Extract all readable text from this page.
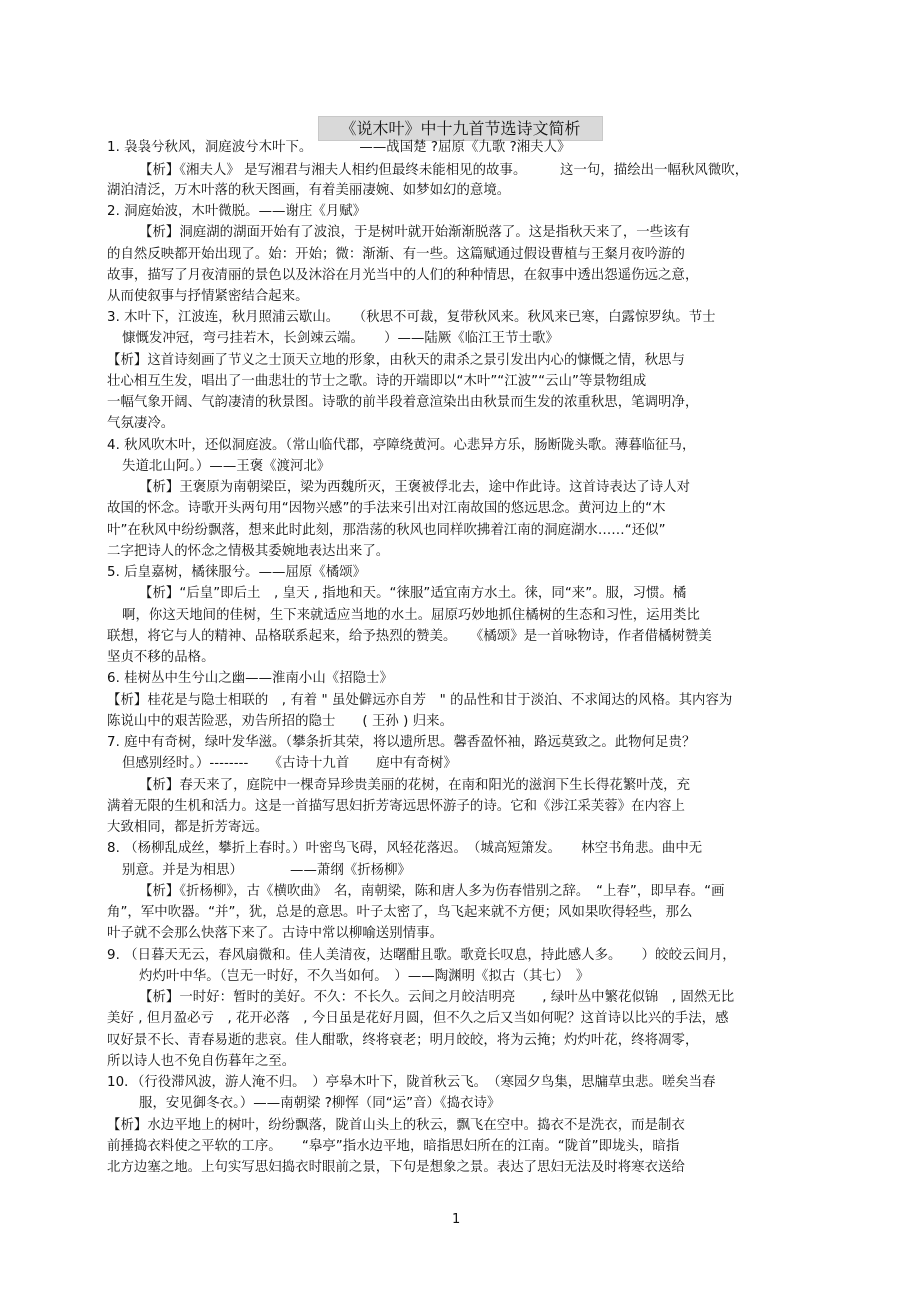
《说木叶》中十九首节选诗文简析
1. 袅袅兮秋风，洞庭波兮木叶下。　　　　——战国楚 ?屈原《九歌 ?湘夫人》
【析】《湘夫人》 是写湘君与湘夫人相约但最终未能相见的故事。　　　这一句，描绘出一幅秋风微吹，
湖泊清泛，万木叶落的秋天图画，有着美丽凄婉、如梦如幻的意境。
2. 洞庭始波，木叶微脱。——谢庄《月赋》
【析】洞庭湖的湖面开始有了波浪，于是树叶就开始渐渐脱落了。这是指秋天来了，一些该有
的自然反映都开始出现了。始：开始；微：渐渐、有一些。这篇赋通过假设曹植与王粲月夜吟游的
故事，描写了月夜清丽的景色以及沐浴在月光当中的人们的种种情思，在叙事中透出怨遥伤远之意，
从而使叙事与抒情紧密结合起来。
3. 木叶下，江波连，秋月照浦云歇山。　　（秋思不可裁，复带秋风来。秋风来已寒，白露惊罗纨。节士
慷慨发冲冠，弯弓挂若木，长剑竦云端。　　）——陆厥《临江王节士歌》
【析】这首诗刻画了节义之士顶天立地的形象，由秋天的肃杀之景引发出内心的慷慨之情，秋思与
壮心相互生发，唱出了一曲悲壮的节士之歌。诗的开端即以“木叶”“江波”“云山”等景物组成
一幅气象开阔、气韵凄清的秋景图。诗歌的前半段着意渲染出由秋景而生发的浓重秋思，笔调明净，
气氛凄冷。
4. 秋风吹木叶，还似洞庭波。（常山临代郡，亭障绕黄河。心悲异方乐，肠断陇头歌。薄暮临征马，
失道北山阿。）——王褒《渡河北》
【析】王褒原为南朝梁臣，梁为西魏所灭，王褒被俘北去，途中作此诗。这首诗表达了诗人对
故国的怀念。诗歌开头两句用“因物兴感”的手法来引出对江南故国的悠远思念。黄河边上的“木
叶”在秋风中纷纷飘落，想来此时此刻，那浩荡的秋风也同样吹拂着江南的洞庭湖水……“还似”
二字把诗人的怀念之情极其委婉地表达出来了。
5. 后皇嘉树，橘徕服兮。——屈原《橘颂》
【析】“后皇”即后土　, 皇天 , 指地和天。“徕服”适宜南方水土。徕，同“来”。服，习惯。橘
啊，你这天地间的佳树，生下来就适应当地的水土。屈原巧妙地抓住橘树的生态和习性，运用类比
联想，将它与人的精神、品格联系起来，给予热烈的赞美。　　《橘颂》是一首咏物诗，作者借橘树赞美
坚贞不移的品格。
6. 桂树丛中生兮山之幽——淮南小山《招隐士》
【析】桂花是与隐士相联的　, 有着 " 虽处僻远亦自芳　" 的品性和甘于淡泊、不求闻达的风格。其内容为
陈说山中的艰苦险恶，劝告所招的隐士　　( 王孙 ) 归来。
7. 庭中有奇树，绿叶发华滋。（攀条折其荣，将以遗所思。馨香盈怀袖，路远莫致之。此物何足贵？
但感别经时。）--------　　《古诗十九首　　庭中有奇树》
【析】春天来了，庭院中一棵奇异珍贵美丽的花树，在南和阳光的滋润下生长得花繁叶茂，充
满着无限的生机和活力。这是一首描写思妇折芳寄远思怀游子的诗。它和《涉江采芙蓉》在内容上
大致相同，都是折芳寄远。
8. （杨柳乱成丝，攀折上春时。）叶密鸟飞碍，风轻花落迟。　（城高短箫发。　　林空书角悲。曲中无
别意。并是为相思）　　　　——萧纲《折杨柳》
【析】《折杨柳》，古《横吹曲》　名，南朝梁，陈和唐人多为伤春惜别之辞。　“上春”，即早春。“画
角”，军中吹器。“并”，犹，总是的意思。叶子太密了，鸟飞起来就不方便；风如果吹得轻些，那么
叶子就不会那么快落下来了。古诗中常以柳喻送别情事。
9. （日暮天无云，春风扇微和。佳人美清夜，达曙酣且歌。歌竟长叹息，持此感人多。　　）皎皎云间月，
灼灼叶中华。（岂无一时好，不久当如何。　）——陶渊明《拟古（其七）　》
【析】一时好：暂时的美好。不久：不长久。云间之月皎洁明亮　　, 绿叶丛中繁花似锦　, 固然无比
美好 , 但月盈必亏　, 花开必落　, 今日虽是花好月圆，但不久之后又当如何呢？这首诗以比兴的手法，感
叹好景不长、青春易逝的悲哀。佳人酣歌，终将衰老；明月皎皎，将为云掩；灼灼叶花，终将凋零，
所以诗人也不免自伤暮年之至。
10．（行役滞风波，游人淹不归。　）亭皋木叶下，陇首秋云飞。　（寒园夕鸟集，思牖草虫悲。嗟矣当春
服，安见御冬衣。）——南朝梁 ?柳恽（同“运”音）《捣衣诗》
【析】水边平地上的树叶，纷纷飘落，陇首山头上的秋云，飘飞在空中。捣衣不是洗衣，而是制衣
前捶捣衣料使之平软的工序。　　“皋亭”指水边平地，暗指思妇所在的江南。“陇首”即垅头，暗指
北方边塞之地。上句实写思妇捣衣时眼前之景，下句是想象之景。表达了思妇无法及时将寒衣送给
1
